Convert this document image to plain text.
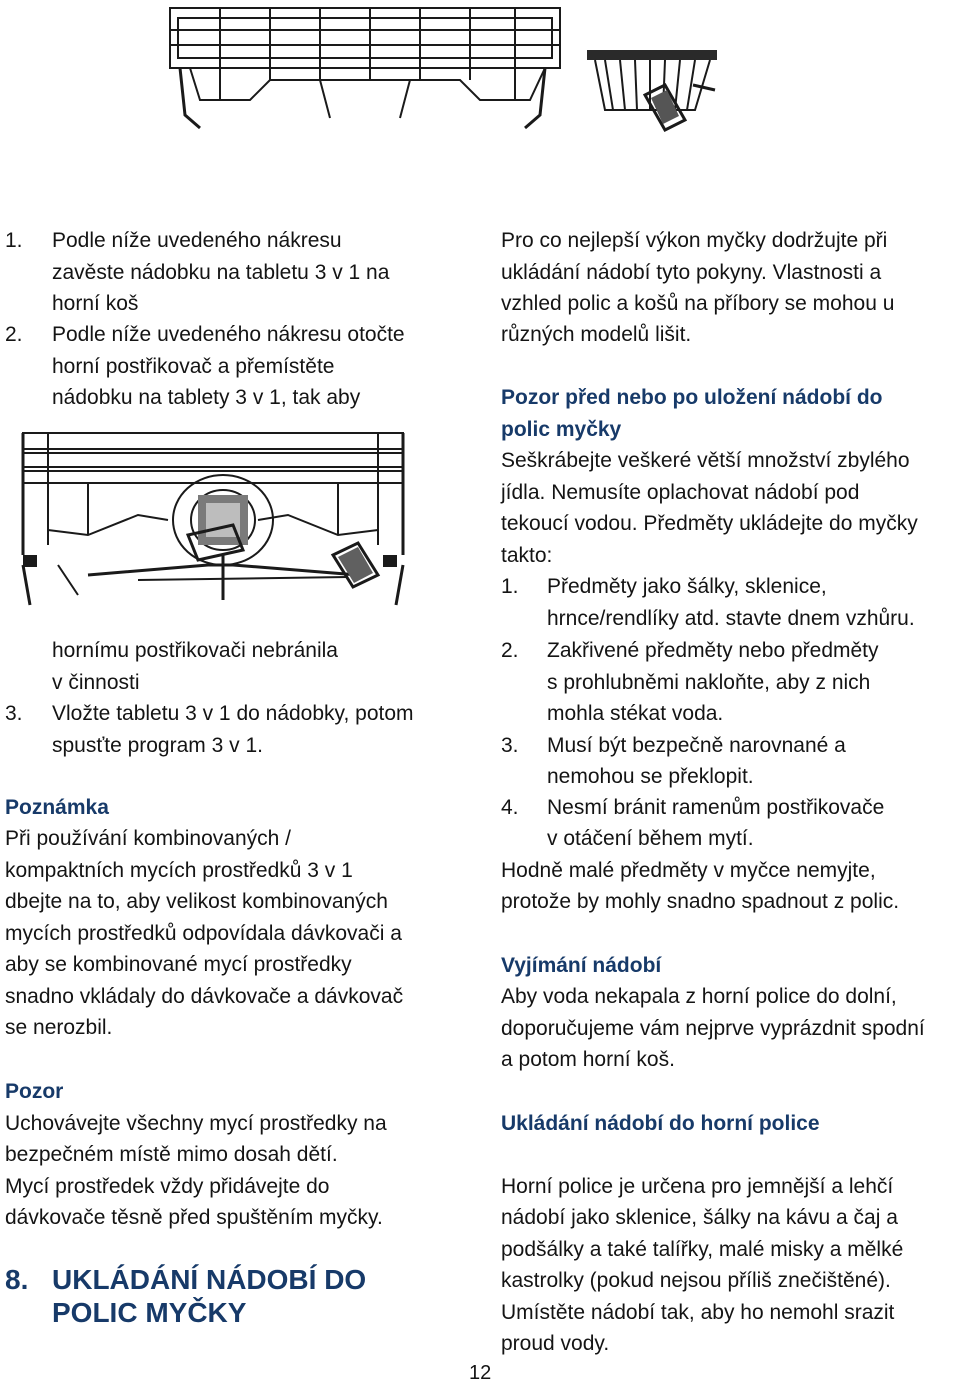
1. Podle níže uvedeného nákresu
zavěste nádobku na tabletu 3 v 1 na
horní koš
2. Podle níže uvedeného nákresu otočte
horní postřikovač a přemístěte
nádobku na tablety 3 v 1, tak aby
hornímu postřikovači nebránila
v činnosti
3. Vložte tabletu 3 v 1 do nádobky, potom
spusťte program 3 v 1.
Poznámka
Při používání kombinovaných /
kompaktních mycích prostředků 3 v 1
dbejte na to, aby velikost kombinovaných
mycích prostředků odpovídala dávkovači a
aby se kombinované mycí prostředky
snadno vkládaly do dávkovače a dávkovač
se nerozbil.
Pozor
Uchovávejte všechny mycí prostředky na
bezpečném místě mimo dosah dětí.
Mycí prostředek vždy přidávejte do
dávkovače těsně před spuštěním myčky.
8. UKLÁDÁNÍ NÁDOBÍ DO
POLIC MYČKY
Pro co nejlepší výkon myčky dodržujte při
ukládání nádobí tyto pokyny. Vlastnosti a
vzhled polic a košů na příbory se mohou u
různých modelů lišit.
Pozor před nebo po uložení nádobí do
polic myčky
Seškrábejte veškeré větší množství zbylého
jídla. Nemusíte oplachovat nádobí pod
tekoucí vodou. Předměty ukládejte do myčky
takto:
1. Předměty jako šálky, sklenice,
hrnce/rendlíky atd. stavte dnem vzhůru.
2. Zakřivené předměty nebo předměty
s prohlubněmi nakloňte, aby z nich
mohla stékat voda.
3. Musí být bezpečně narovnané a
nemohou se překlopit.
4. Nesmí bránit ramenům postřikovače
v otáčení během mytí.
Hodně malé předměty v myčce nemyjte,
protože by mohly snadno spadnout z polic.
Vyjímání nádobí
Aby voda nekapala z horní police do dolní,
doporučujeme vám nejprve vyprázdnit spodní
a potom horní koš.
Ukládání nádobí do horní police
Horní police je určena pro jemnější a lehčí
nádobí jako sklenice, šálky na kávu a čaj a
podšálky a také talířky, malé misky a mělké
kastrolky (pokud nejsou příliš znečištěné).
Umístěte nádobí tak, aby ho nemohl srazit
proud vody.
12
